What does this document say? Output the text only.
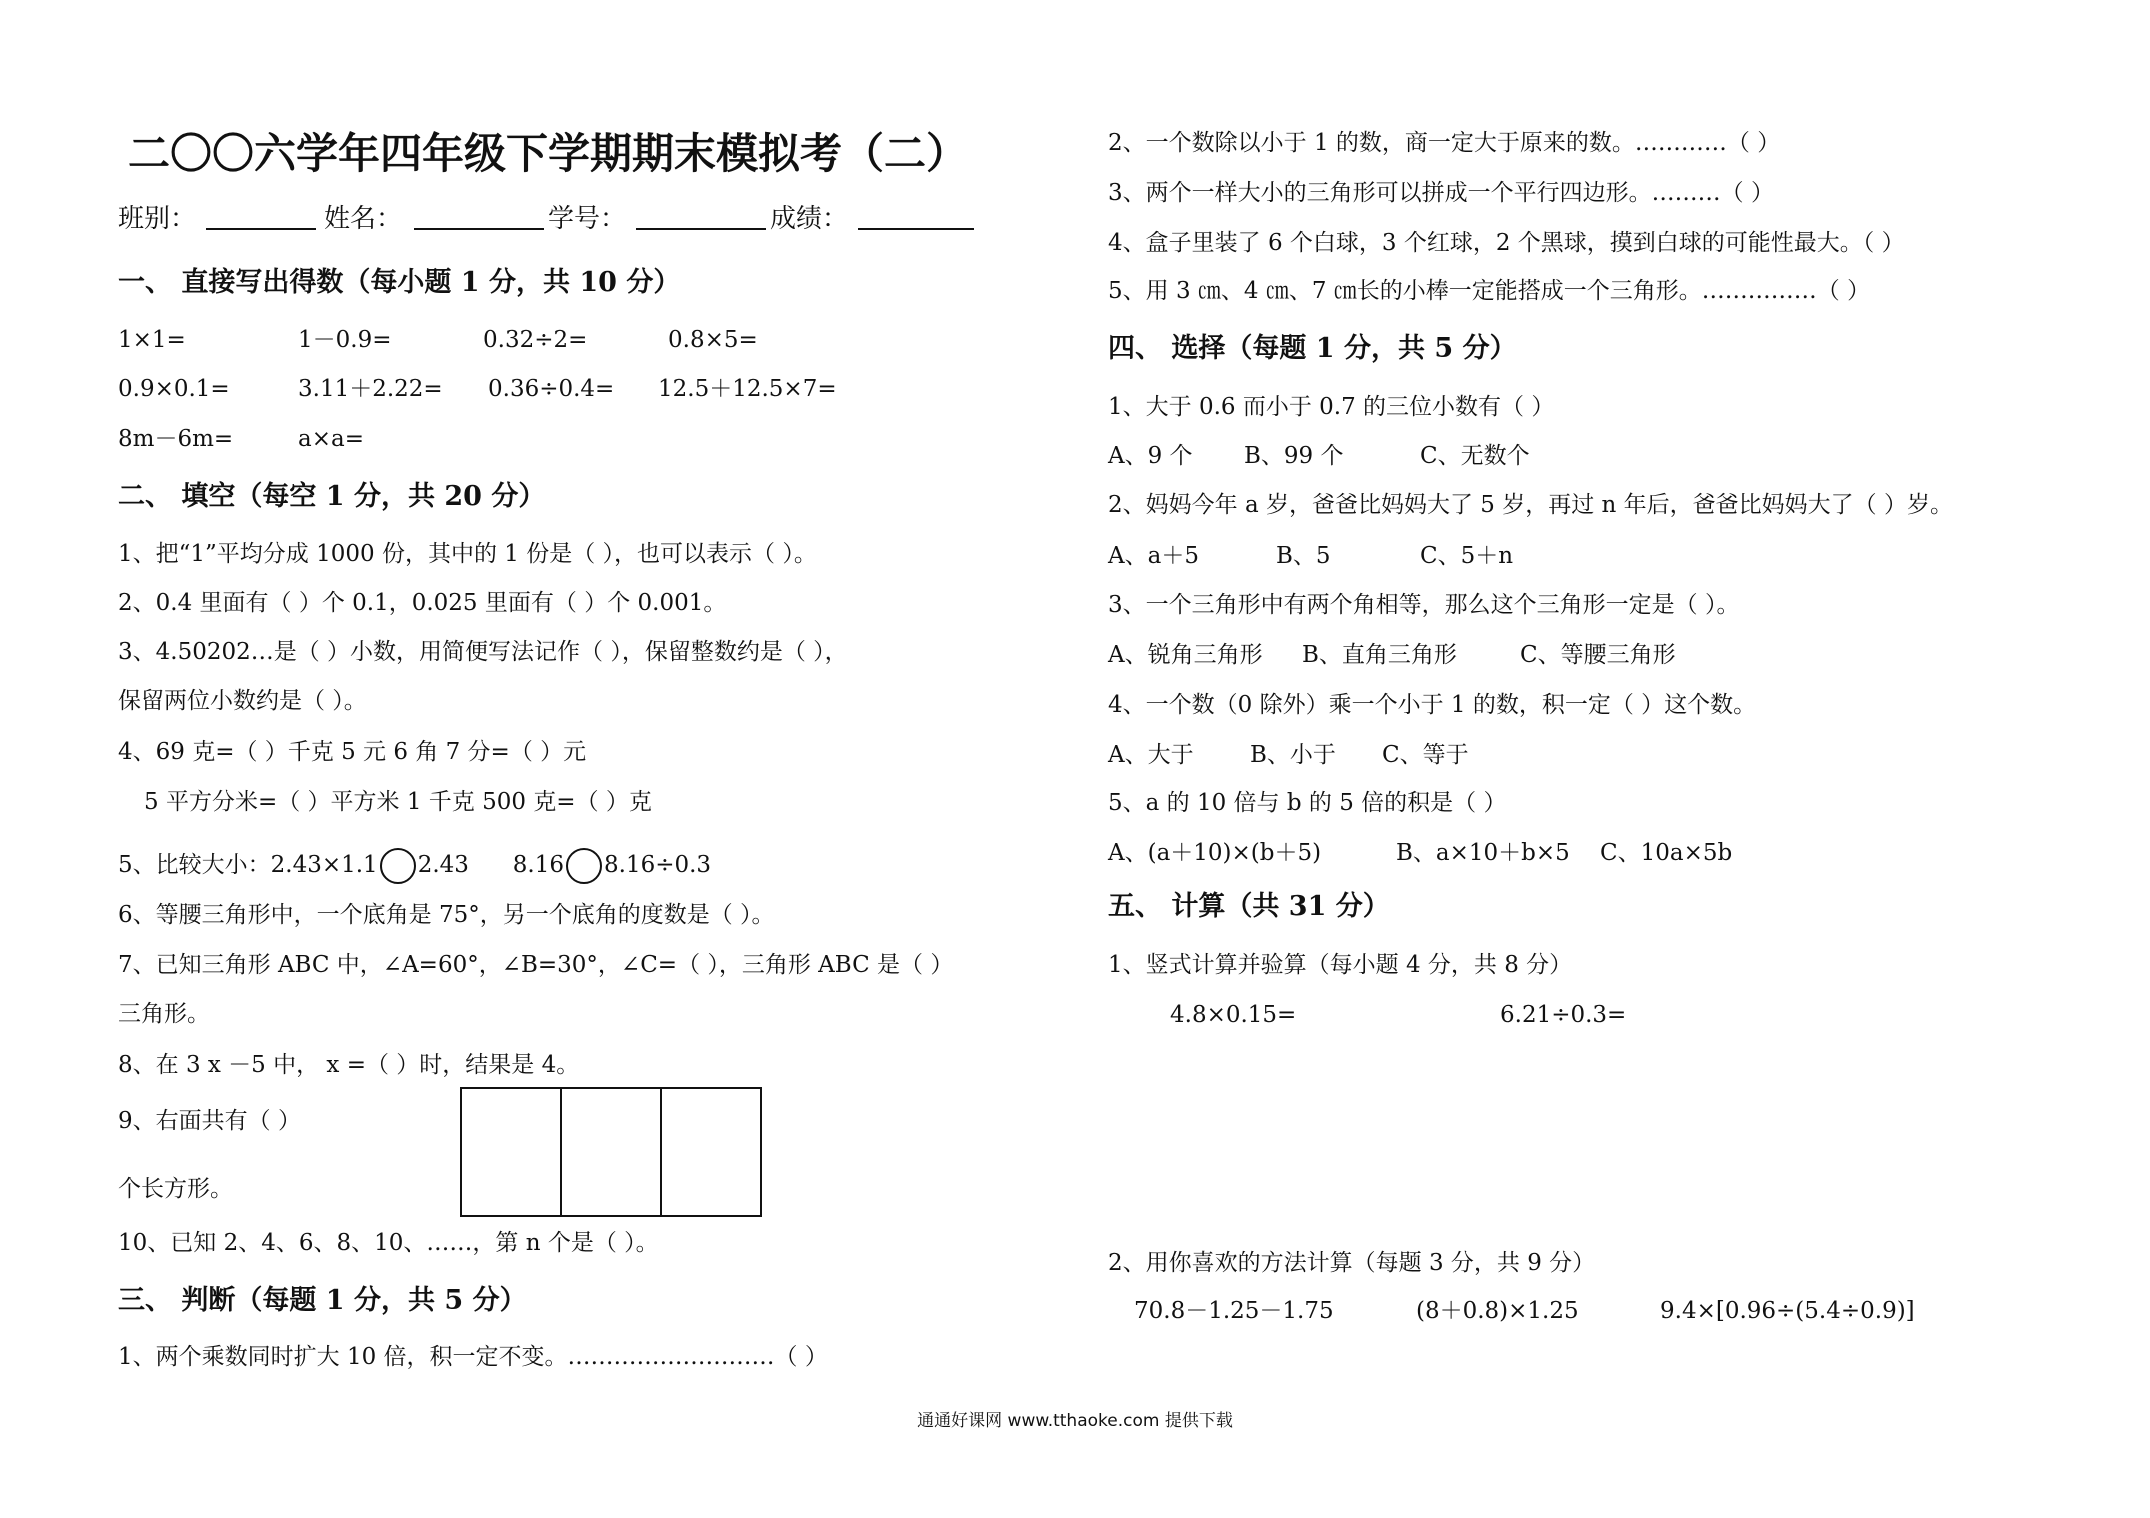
二〇〇六学年四年级下学期期末模拟考（二）
班别：	姓名：	学号：	成绩：
一、 直接写出得数（每小题 1 分，共 10 分）
1×1=	1－0.9=	0.32÷2=	0.8×5=
0.9×0.1=	3.11＋2.22= 0.36÷0.4= 12.5＋12.5×7=
8m－6m=	a×a=
二、 填空（每空 1 分，共 20 分）
1、把“1”平均分成 1000 份，其中的 1 份是（ ），也可以表示（ ）。
2、0.4 里面有（ ）个 0.1，0.025 里面有（ ）个 0.001。
3、4.50202…是（ ）小数，用简便写法记作（ ），保留整数约是（ ），
保留两位小数约是（ ）。
4、69 克=（ ）千克 5 元 6 角 7 分=（ ）元
5 平方分米=（ ）平方米 1 千克 500 克=（ ）克
5、比较大小：2.43×1.1 2.43      8.16 8.16÷0.3
6、等腰三角形中，一个底角是 75°，另一个底角的度数是（ ）。
7、已知三角形 ABC 中，∠A=60°，∠B=30°，∠C=（ ），三角形 ABC 是（ ）
三角形。
8、在 3 x －5 中， x =（ ）时，结果是 4。
9、右面共有（ ）
个长方形。
10、已知 2、4、6、8、10、……，第 n 个是（ ）。
三、 判断（每题 1 分，共 5 分）
1、两个乘数同时扩大 10 倍，积一定不变。………………………（ ）
2、一个数除以小于 1 的数，商一定大于原来的数。…………（ ）
3、两个一样大小的三角形可以拼成一个平行四边形。………（ ）
4、盒子里装了 6 个白球，3 个红球，2 个黑球，摸到白球的可能性最大。（ ）
5、用 3 ㎝、4 ㎝、7 ㎝长的小棒一定能搭成一个三角形。……………（ ）
四、 选择（每题 1 分，共 5 分）
1、大于 0.6 而小于 0.7 的三位小数有（ ）
A、9 个 B、99 个	C、无数个
2、妈妈今年 a 岁，爸爸比妈妈大了 5 岁，再过 n 年后，爸爸比妈妈大了（ ）岁。
A、a＋5	B、5	C、5＋n
3、一个三角形中有两个角相等，那么这个三角形一定是（ ）。
A、锐角三角形 B、直角三角形	C、等腰三角形
4、一个数（0 除外）乘一个小于 1 的数，积一定（ ）这个数。
A、大于 B、小于 C、等于
5、a 的 10 倍与 b 的 5 倍的积是（ ）
A、(a＋10)×(b＋5)	B、a×10＋b×5 C、10a×5b
五、 计算（共 31 分）
1、竖式计算并验算（每小题 4 分，共 8 分）
4.8×0.15=	6.21÷0.3=
2、用你喜欢的方法计算（每题 3 分，共 9 分）
70.8－1.25－1.75	(8＋0.8)×1.25	9.4×[0.96÷(5.4÷0.9)]
通通好课网 www.tthaoke.com 提供下载
